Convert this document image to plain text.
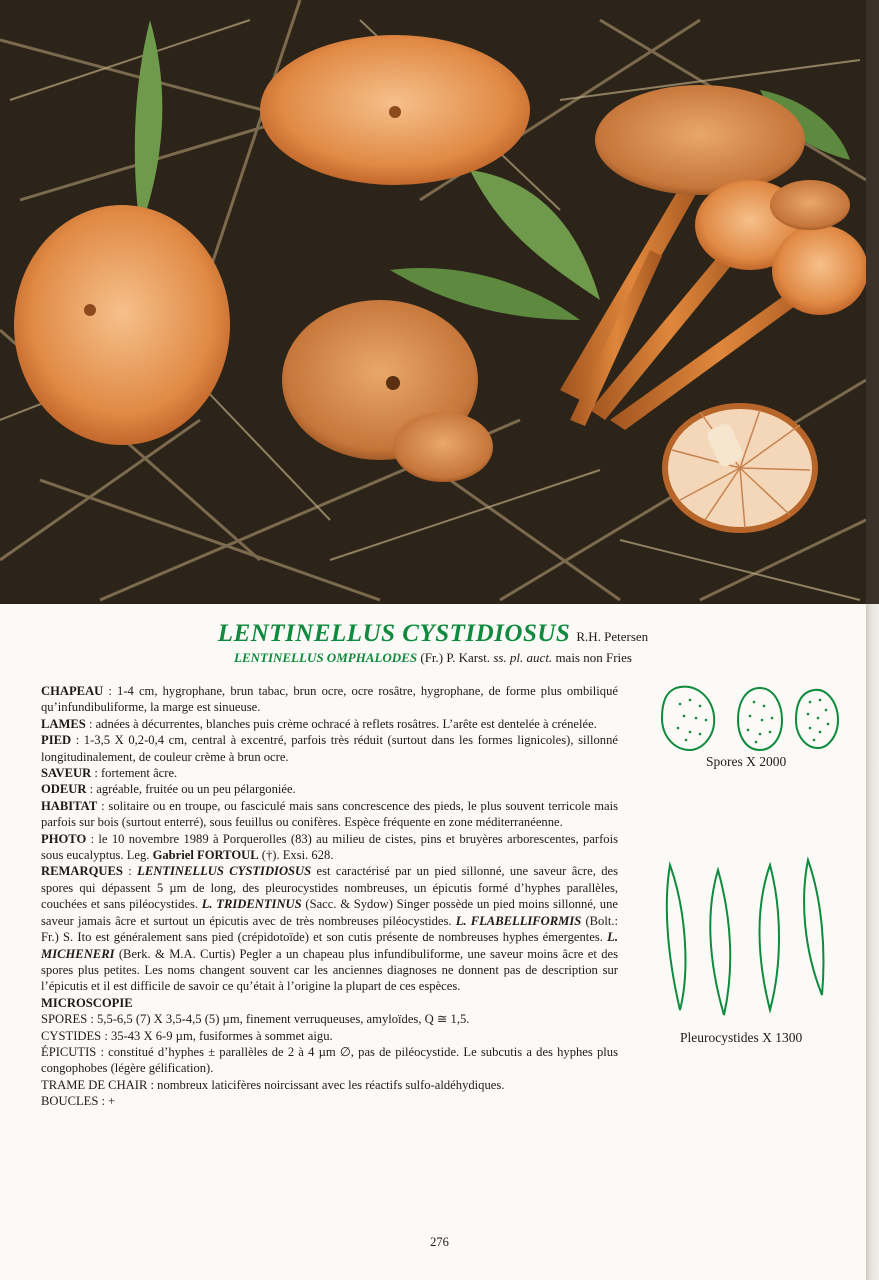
LENTINELLUS CYSTIDIOSUS R.H. Petersen
LENTINELLUS OMPHALODES (Fr.) P. Karst. ss. pl. auct. mais non Fries

CHAPEAU : 1-4 cm, hygrophane, brun tabac, brun ocre, ocre rosâtre, hygrophane, de forme plus ombiliqué qu’infundibuliforme, la marge est sinueuse.

LAMES : adnées à décurrentes, blanches puis crème ochracé à reflets rosâtres. L’arête est dentelée à crénelée.

PIED : 1-3,5 X 0,2-0,4 cm, central à excentré, parfois très réduit (surtout dans les formes lignicoles), sillonné longitudinalement, de couleur crème à brun ocre.

SAVEUR : fortement âcre.

ODEUR : agréable, fruitée ou un peu pélargoniée.

HABITAT : solitaire ou en troupe, ou fasciculé mais sans concrescence des pieds, le plus souvent terricole mais parfois sur bois (surtout enterré), sous feuillus ou conifères. Espèce fréquente en zone méditerranéenne.

PHOTO : le 10 novembre 1989 à Porquerolles (83) au milieu de cistes, pins et bruyères arborescentes, parfois sous eucalyptus. Leg. Gabriel FORTOUL (†). Exsi. 628.

REMARQUES : LENTINELLUS CYSTIDIOSUS est caractérisé par un pied sillonné, une saveur âcre, des spores qui dépassent 5 µm de long, des pleurocystides nombreuses, un épicutis formé d’hyphes parallèles, couchées et sans piléocystides. L. TRIDENTINUS (Sacc. & Sydow) Singer possède un pied moins sillonné, une saveur jamais âcre et surtout un épicutis avec de très nombreuses piléocystides. L. FLABELLIFORMIS (Bolt.: Fr.) S. Ito est généralement sans pied (crépidotoïde) et son cutis présente de nombreuses hyphes émergentes. L. MICHENERI (Berk. & M.A. Curtis) Pegler a un chapeau plus infundibuliforme, une saveur moins âcre et des spores plus petites. Les noms changent souvent car les anciennes diagnoses ne donnent pas de description sur l’épicutis et il est difficile de savoir ce qu’était à l’origine la plupart de ces espèces.

MICROSCOPIE

SPORES : 5,5-6,5 (7) X 3,5-4,5 (5) µm, finement verruqueuses, amyloïdes, Q ≅ 1,5.

CYSTIDES : 35-43 X 6-9 µm, fusiformes à sommet aigu.

ÉPICUTIS : constitué d’hyphes ± parallèles de 2 à 4 µm ∅, pas de piléocystide. Le subcutis a des hyphes plus congophobes (légère gélification).

TRAME DE CHAIR : nombreux laticifères noircissant avec les réactifs sulfo-aldéhydiques.

BOUCLES : +

Spores X 2000
Pleurocystides X 1300
276
